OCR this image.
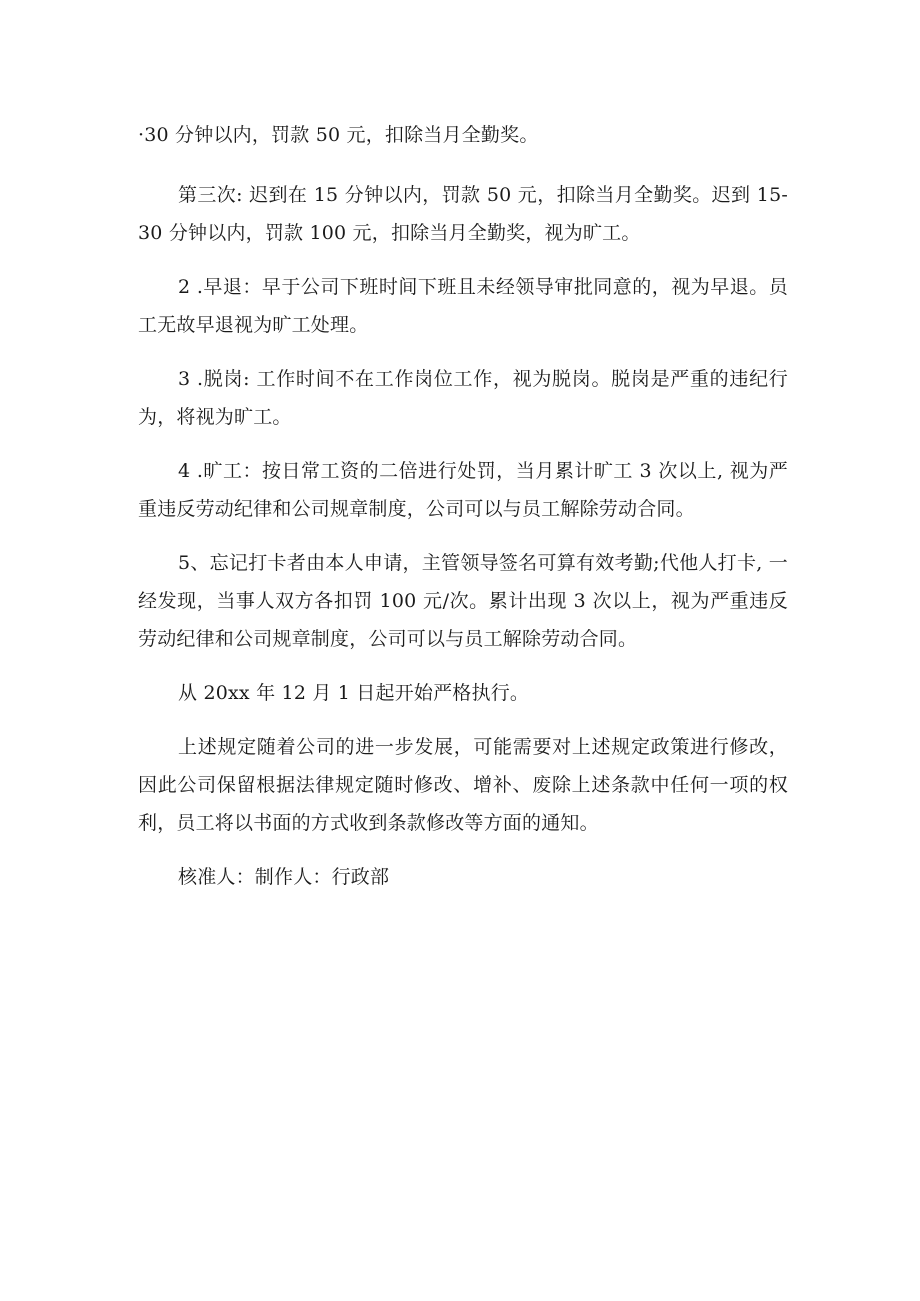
·30 分钟以内，罚款 50 元，扣除当月全勤奖。

第三次: 迟到在 15 分钟以内，罚款 50 元，扣除当月全勤奖。迟到 15-30 分钟以内，罚款 100 元，扣除当月全勤奖，视为旷工。

2 .早退：早于公司下班时间下班且未经领导审批同意的，视为早退。员工无故早退视为旷工处理。

3 .脱岗: 工作时间不在工作岗位工作，视为脱岗。脱岗是严重的违纪行为，将视为旷工。

4 .旷工：按日常工资的二倍进行处罚，当月累计旷工 3 次以上, 视为严重违反劳动纪律和公司规章制度，公司可以与员工解除劳动合同。

5、忘记打卡者由本人申请，主管领导签名可算有效考勤;代他人打卡, 一经发现，当事人双方各扣罚 100 元/次。累计出现 3 次以上，视为严重违反劳动纪律和公司规章制度，公司可以与员工解除劳动合同。

从 20xx 年 12 月 1 日起开始严格执行。

上述规定随着公司的进一步发展，可能需要对上述规定政策进行修改，因此公司保留根据法律规定随时修改、增补、废除上述条款中任何一项的权利，员工将以书面的方式收到条款修改等方面的通知。

核准人：制作人：行政部
